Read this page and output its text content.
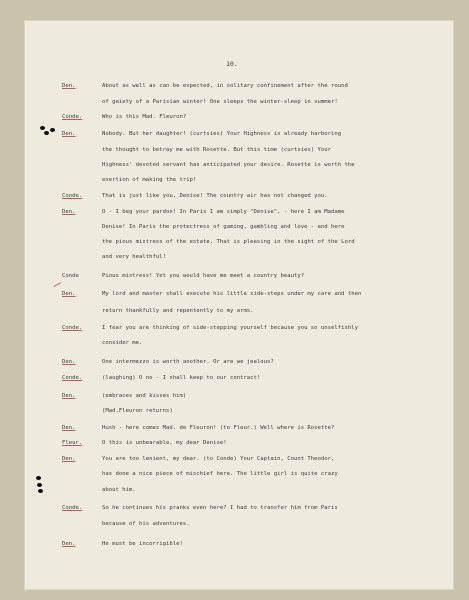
10.
Den.	About as well as can be expected, in solitary confinement after the round
of gaiety of a Parisian winter! One sleeps the winter-sleep in summer!
Conde.	Who is this Mad. Fleuron?
Den.	Nobody. But her daughter! (curtsies) Your Highness is already harboring
the thought to betray me with Rosette. But this time (curtsies) Your
Highness' devoted servant has anticipated your desire. Rosette is worth the
exertion of making the trip!
Conde.	That is just like you, Denise! The country air has not changed you.
Den.	O - I beg your pardon! In Paris I am simply "Denise", - here I am Madame
Denise! In Paris the protectress of gaming, gambling and love - and here
the pious mistress of the estate. That is pleasing in the sight of the Lord
and very healthful!
Conde	Pious mistress! Yet you would have me meet a country beauty?
Den.	My lord and master shall execute his little side-steps under my care and then
return thankfully and repentently to my arms.
Conde.	I fear you are thinking of side-stepping yourself because you so unselfishly
consider me.
Den.	One intermezzo is worth another. Or are we jealous?
Conde.	(laughing) O no - I shall keep to our contract!
Den.	(embraces and kisses him)
(Mad.Fleuron returns)
Den.	Hush - here comes Mad. de Fleuron! (to Fleur.) Well where is Rosette?
Fleur.	O this is unbearable, my dear Denise!
Den.	You are too lenient, my dear. (to Conde) Your Captain, Count Theodor,
has done a nice piece of mischief here. The little girl is quite crazy
about him.
Conde.	So he continues his pranks even here? I had to transfer him from Paris
because of his adventures.
Den.	He must be incorrigible!
